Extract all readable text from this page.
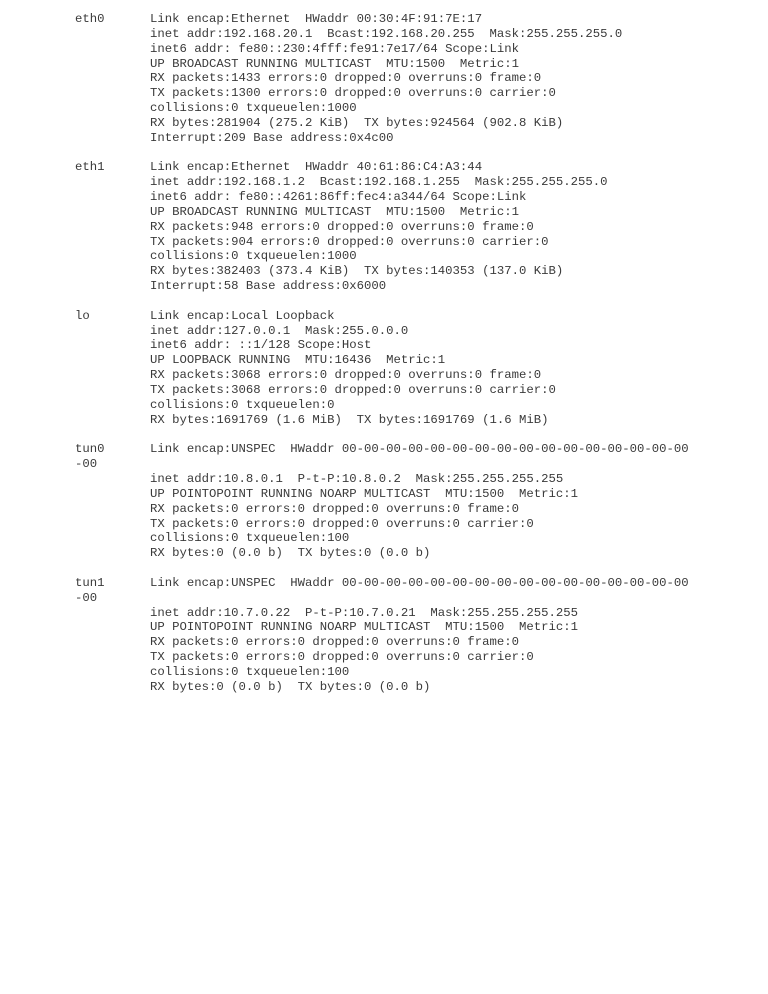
eth0	Link encap:Ethernet  HWaddr 00:30:4F:91:7E:17
inet addr:192.168.20.1  Bcast:192.168.20.255  Mask:255.255.255.0
inet6 addr: fe80::230:4fff:fe91:7e17/64 Scope:Link
UP BROADCAST RUNNING MULTICAST  MTU:1500  Metric:1
RX packets:1433 errors:0 dropped:0 overruns:0 frame:0
TX packets:1300 errors:0 dropped:0 overruns:0 carrier:0
collisions:0 txqueuelen:1000
RX bytes:281904 (275.2 KiB)  TX bytes:924564 (902.8 KiB)
Interrupt:209 Base address:0x4c00
eth1	Link encap:Ethernet  HWaddr 40:61:86:C4:A3:44
inet addr:192.168.1.2  Bcast:192.168.1.255  Mask:255.255.255.0
inet6 addr: fe80::4261:86ff:fec4:a344/64 Scope:Link
UP BROADCAST RUNNING MULTICAST  MTU:1500  Metric:1
RX packets:948 errors:0 dropped:0 overruns:0 frame:0
TX packets:904 errors:0 dropped:0 overruns:0 carrier:0
collisions:0 txqueuelen:1000
RX bytes:382403 (373.4 KiB)  TX bytes:140353 (137.0 KiB)
Interrupt:58 Base address:0x6000
lo	Link encap:Local Loopback
inet addr:127.0.0.1  Mask:255.0.0.0
inet6 addr: ::1/128 Scope:Host
UP LOOPBACK RUNNING  MTU:16436  Metric:1
RX packets:3068 errors:0 dropped:0 overruns:0 frame:0
TX packets:3068 errors:0 dropped:0 overruns:0 carrier:0
collisions:0 txqueuelen:0
RX bytes:1691769 (1.6 MiB)  TX bytes:1691769 (1.6 MiB)
tun0
-00
Link encap:UNSPEC  HWaddr 00-00-00-00-00-00-00-00-00-00-00-00-00-00-00-00
inet addr:10.8.0.1  P-t-P:10.8.0.2  Mask:255.255.255.255
UP POINTOPOINT RUNNING NOARP MULTICAST  MTU:1500  Metric:1
RX packets:0 errors:0 dropped:0 overruns:0 frame:0
TX packets:0 errors:0 dropped:0 overruns:0 carrier:0
collisions:0 txqueuelen:100
RX bytes:0 (0.0 b)  TX bytes:0 (0.0 b)
tun1
-00
Link encap:UNSPEC  HWaddr 00-00-00-00-00-00-00-00-00-00-00-00-00-00-00-00
inet addr:10.7.0.22  P-t-P:10.7.0.21  Mask:255.255.255.255
UP POINTOPOINT RUNNING NOARP MULTICAST  MTU:1500  Metric:1
RX packets:0 errors:0 dropped:0 overruns:0 frame:0
TX packets:0 errors:0 dropped:0 overruns:0 carrier:0
collisions:0 txqueuelen:100
RX bytes:0 (0.0 b)  TX bytes:0 (0.0 b)
